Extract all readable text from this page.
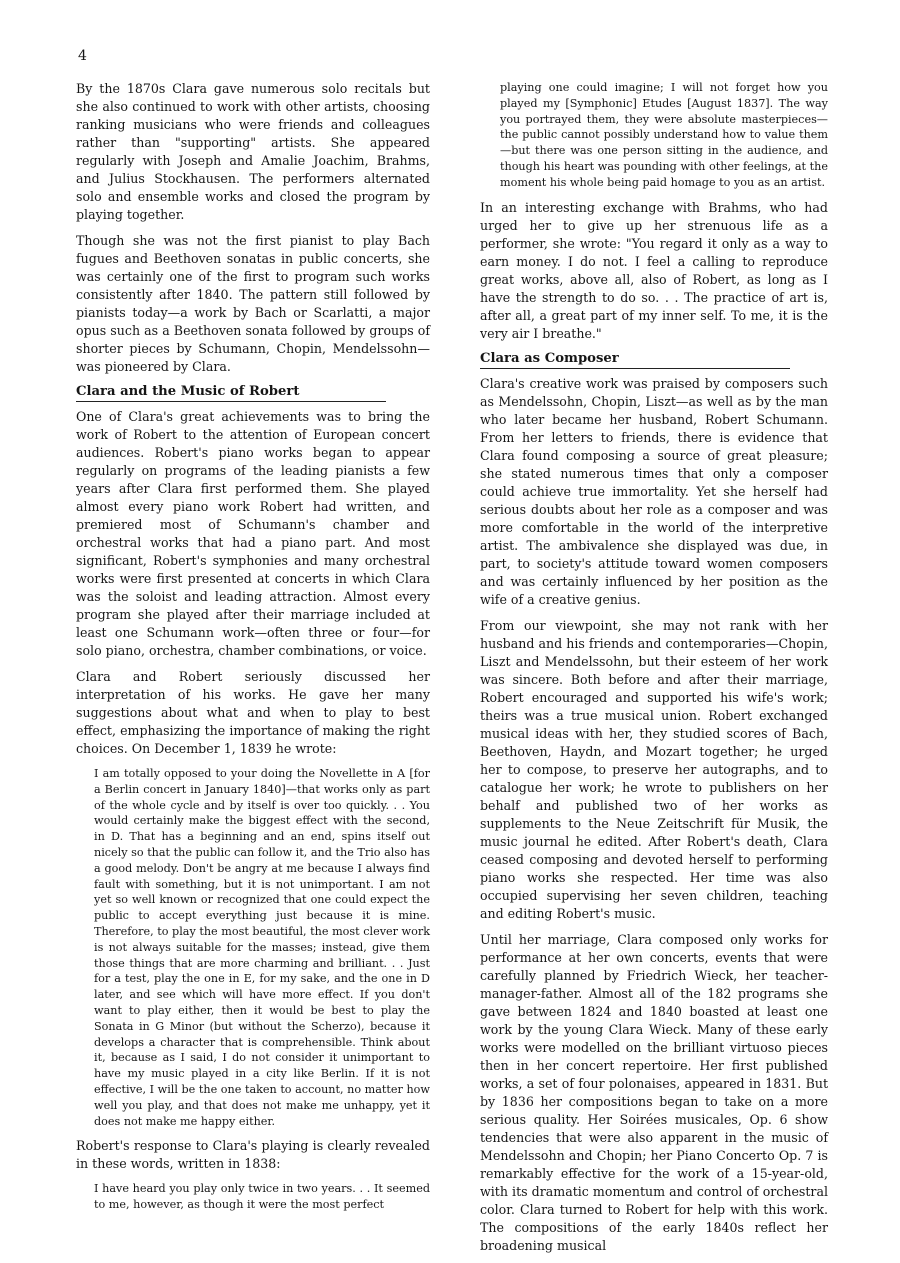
4

By the 1870s Clara gave numerous solo recitals but she also continued to work with other artists, choosing ranking musicians who were friends and colleagues rather than "supporting" artists. She appeared regularly with Joseph and Amalie Joachim, Brahms, and Julius Stockhausen. The performers alternated solo and ensemble works and closed the program by playing together.

Though she was not the first pianist to play Bach fugues and Beethoven sonatas in public concerts, she was certainly one of the first to program such works consistently after 1840. The pattern still followed by pianists today—a work by Bach or Scarlatti, a major opus such as a Beethoven sonata followed by groups of shorter pieces by Schumann, Chopin, Mendelssohn—was pioneered by Clara.

Clara and the Music of Robert

One of Clara's great achievements was to bring the work of Robert to the attention of European concert audiences. Robert's piano works began to appear regularly on programs of the leading pianists a few years after Clara first performed them. She played almost every piano work Robert had written, and premiered most of Schumann's chamber and orchestral works that had a piano part. And most significant, Robert's symphonies and many orchestral works were first presented at concerts in which Clara was the soloist and leading attraction. Almost every program she played after their marriage included at least one Schumann work—often three or four—for solo piano, orchestra, chamber combinations, or voice.

Clara and Robert seriously discussed her interpretation of his works. He gave her many suggestions about what and when to play to best effect, emphasizing the importance of making the right choices. On December 1, 1839 he wrote:

I am totally opposed to your doing the Novellette in A [for a Berlin concert in January 1840]—that works only as part of the whole cycle and by itself is over too quickly. . . You would certainly make the biggest effect with the second, in D. That has a beginning and an end, spins itself out nicely so that the public can follow it, and the Trio also has a good melody. Don't be angry at me because I always find fault with something, but it is not unimportant. I am not yet so well known or recognized that one could expect the public to accept everything just because it is mine. Therefore, to play the most beautiful, the most clever work is not always suitable for the masses; instead, give them those things that are more charming and brilliant. . . Just for a test, play the one in E, for my sake, and the one in D later, and see which will have more effect. If you don't want to play either, then it would be best to play the Sonata in G Minor (but without the Scherzo), because it develops a character that is comprehensible. Think about it, because as I said, I do not consider it unimportant to have my music played in a city like Berlin. If it is not effective, I will be the one taken to account, no matter how well you play, and that does not make me unhappy, yet it does not make me happy either.

Robert's response to Clara's playing is clearly revealed in these words, written in 1838:

I have heard you play only twice in two years. . . It seemed to me, however, as though it were the most perfect

playing one could imagine; I will not forget how you played my [Symphonic] Etudes [August 1837]. The way you portrayed them, they were absolute masterpieces—the public cannot possibly understand how to value them—but there was one person sitting in the audience, and though his heart was pounding with other feelings, at the moment his whole being paid homage to you as an artist.

In an interesting exchange with Brahms, who had urged her to give up her strenuous life as a performer, she wrote: "You regard it only as a way to earn money. I do not. I feel a calling to reproduce great works, above all, also of Robert, as long as I have the strength to do so. . . The practice of art is, after all, a great part of my inner self. To me, it is the very air I breathe."

Clara as Composer

Clara's creative work was praised by composers such as Mendelssohn, Chopin, Liszt—as well as by the man who later became her husband, Robert Schumann. From her letters to friends, there is evidence that Clara found composing a source of great pleasure; she stated numerous times that only a composer could achieve true immortality. Yet she herself had serious doubts about her role as a composer and was more comfortable in the world of the interpretive artist. The ambivalence she displayed was due, in part, to society's attitude toward women composers and was certainly influenced by her position as the wife of a creative genius.

From our viewpoint, she may not rank with her husband and his friends and contemporaries—Chopin, Liszt and Mendelssohn, but their esteem of her work was sincere. Both before and after their marriage, Robert encouraged and supported his wife's work; theirs was a true musical union. Robert exchanged musical ideas with her, they studied scores of Bach, Beethoven, Haydn, and Mozart together; he urged her to compose, to preserve her autographs, and to catalogue her work; he wrote to publishers on her behalf and published two of her works as supplements to the Neue Zeitschrift für Musik, the music journal he edited. After Robert's death, Clara ceased composing and devoted herself to performing piano works she respected. Her time was also occupied supervising her seven children, teaching and editing Robert's music.

Until her marriage, Clara composed only works for performance at her own concerts, events that were carefully planned by Friedrich Wieck, her teacher-manager-father. Almost all of the 182 programs she gave between 1824 and 1840 boasted at least one work by the young Clara Wieck. Many of these early works were modelled on the brilliant virtuoso pieces then in her concert repertoire. Her first published works, a set of four polonaises, appeared in 1831. But by 1836 her compositions began to take on a more serious quality. Her Soirées musicales, Op. 6 show tendencies that were also apparent in the music of Mendelssohn and Chopin; her Piano Concerto Op. 7 is remarkably effective for the work of a 15-year-old, with its dramatic momentum and control of orchestral color. Clara turned to Robert for help with this work. The compositions of the early 1840s reflect her broadening musical
